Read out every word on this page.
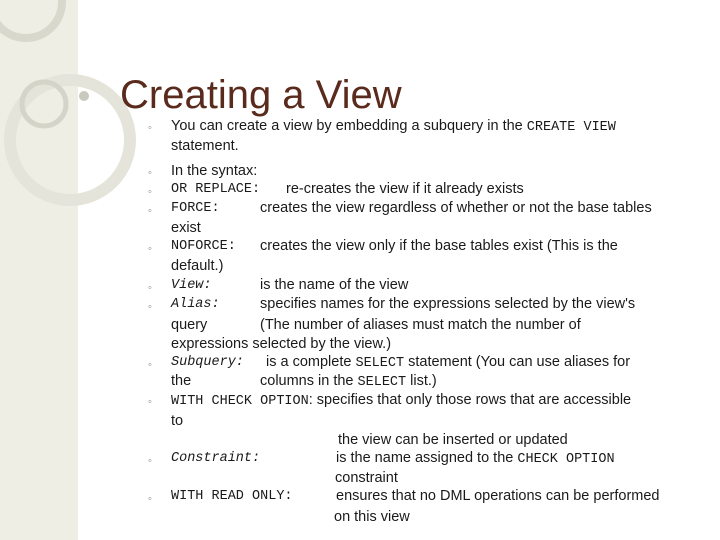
Creating a View
◦ You can create a view by embedding a subquery in the CREATE VIEW
statement.
◦ In the syntax:
◦ OR REPLACE: re-creates the view if it already exists
◦ FORCE:	creates the view regardless of whether or not the base tables
exist
◦ NOFORCE: creates the view only if the base tables exist (This is the
default.)
◦ View:	is the name of the view
◦ Alias:	specifies names for the expressions selected by the view's
query	(The number of aliases must match the number of
expressions selected by the view.)
◦ Subquery: is a complete SELECT statement (You can use aliases for
the	columns in the SELECT list.)
◦ WITH CHECK OPTION: specifies that only those rows that are accessible
to
the view can be inserted or updated
◦ Constraint:	is the name assigned to the CHECK OPTION
constraint
◦ WITH READ ONLY:	ensures that no DML operations can be performed
on this view
